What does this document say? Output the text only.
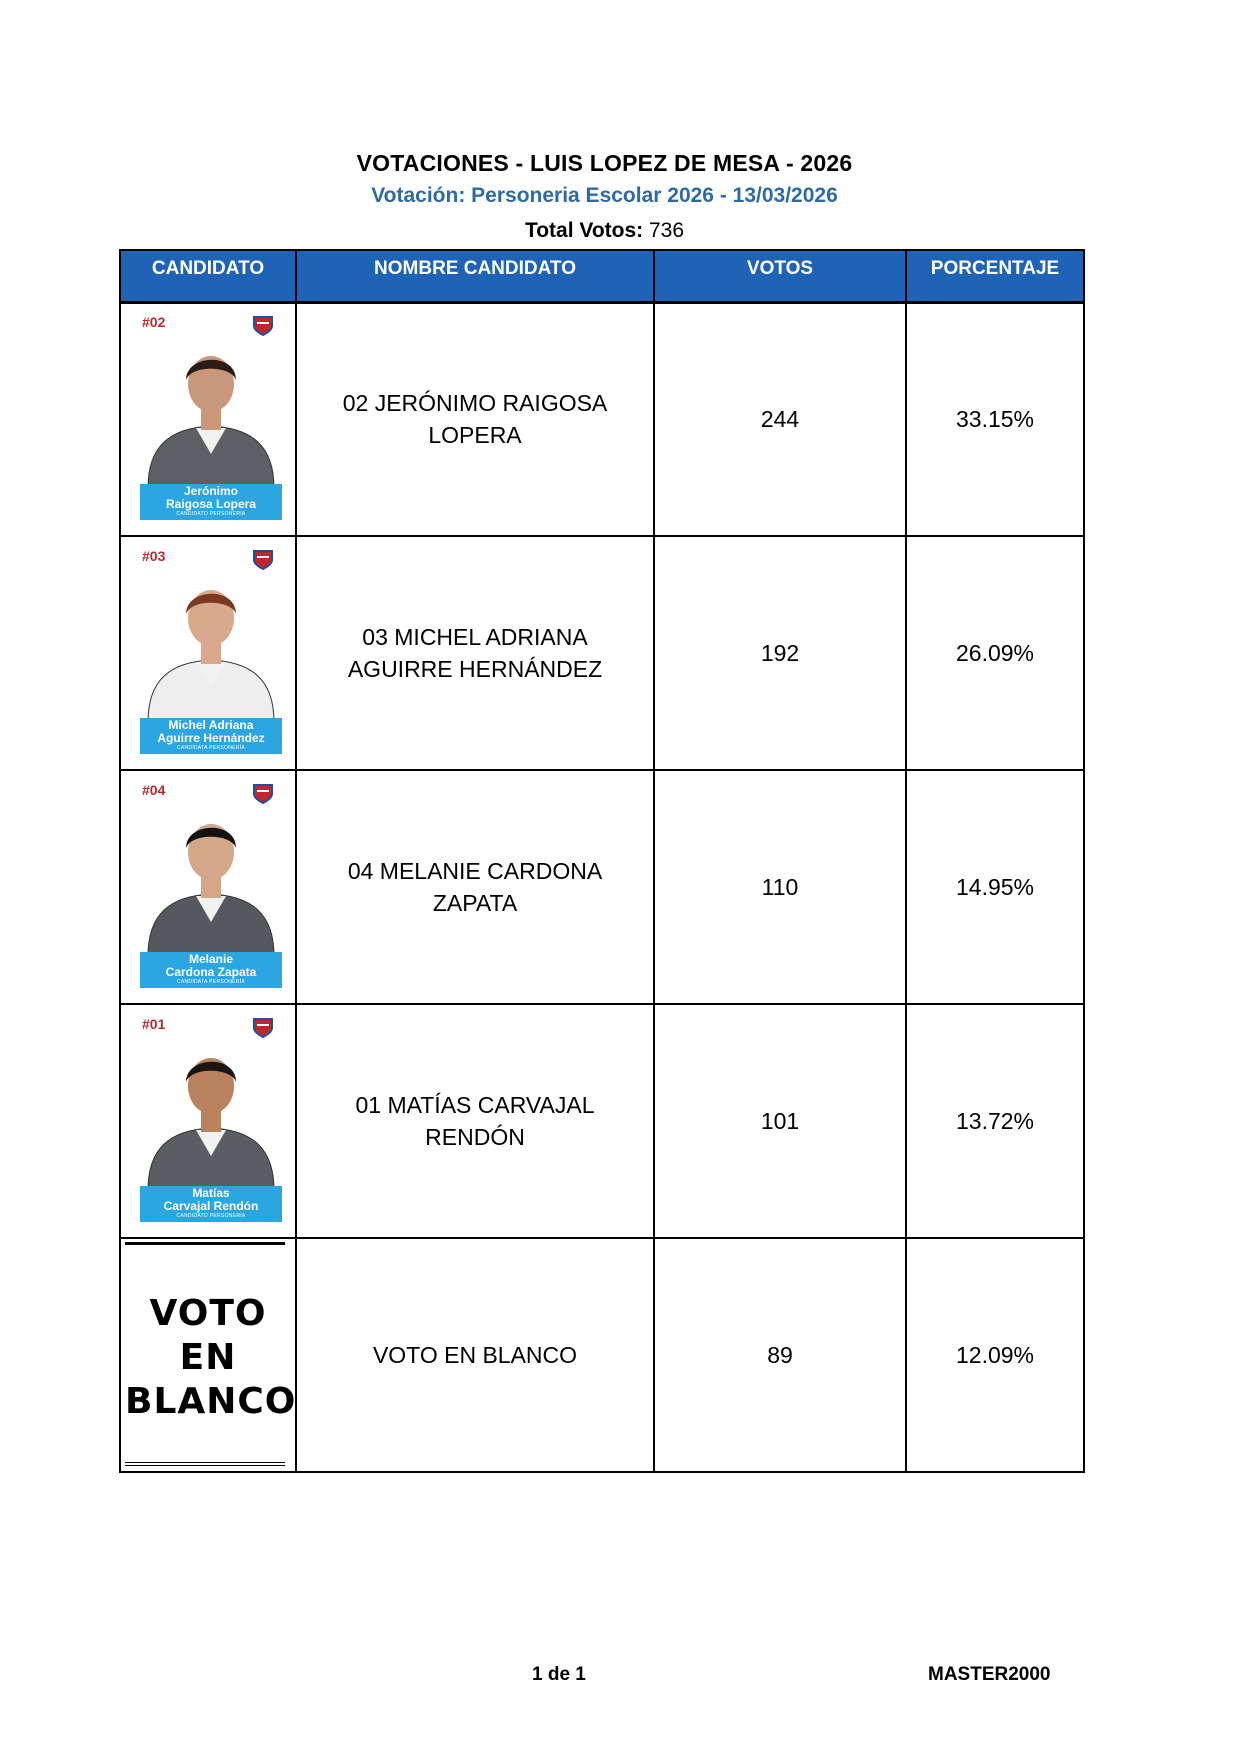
VOTACIONES - LUIS LOPEZ DE MESA - 2026
Votación: Personeria Escolar 2026 - 13/03/2026
Total Votos: 736
CANDIDATO	NOMBRE CANDIDATO	VOTOS	PORCENTAJE

#02
Jerónimo
Raigosa Lopera
CANDIDATO PERSONERÍA	02 JERÓNIMO RAIGOSA LOPERA	244	33.15%

#03
Michel Adriana
Aguirre Hernández
CANDIDATA PERSONERÍA	03 MICHEL ADRIANA AGUIRRE HERNÁNDEZ	192	26.09%

#04
Melanie
Cardona Zapata
CANDIDATA PERSONERÍA	04 MELANIE CARDONA ZAPATA	110	14.95%

#01
Matías
Carvajal Rendón
CANDIDATO PERSONERÍA	01 MATÍAS CARVAJAL RENDÓN	101	13.72%

VOTO
EN
BLANCO	VOTO EN BLANCO	89	12.09%
1 de 1	MASTER2000
